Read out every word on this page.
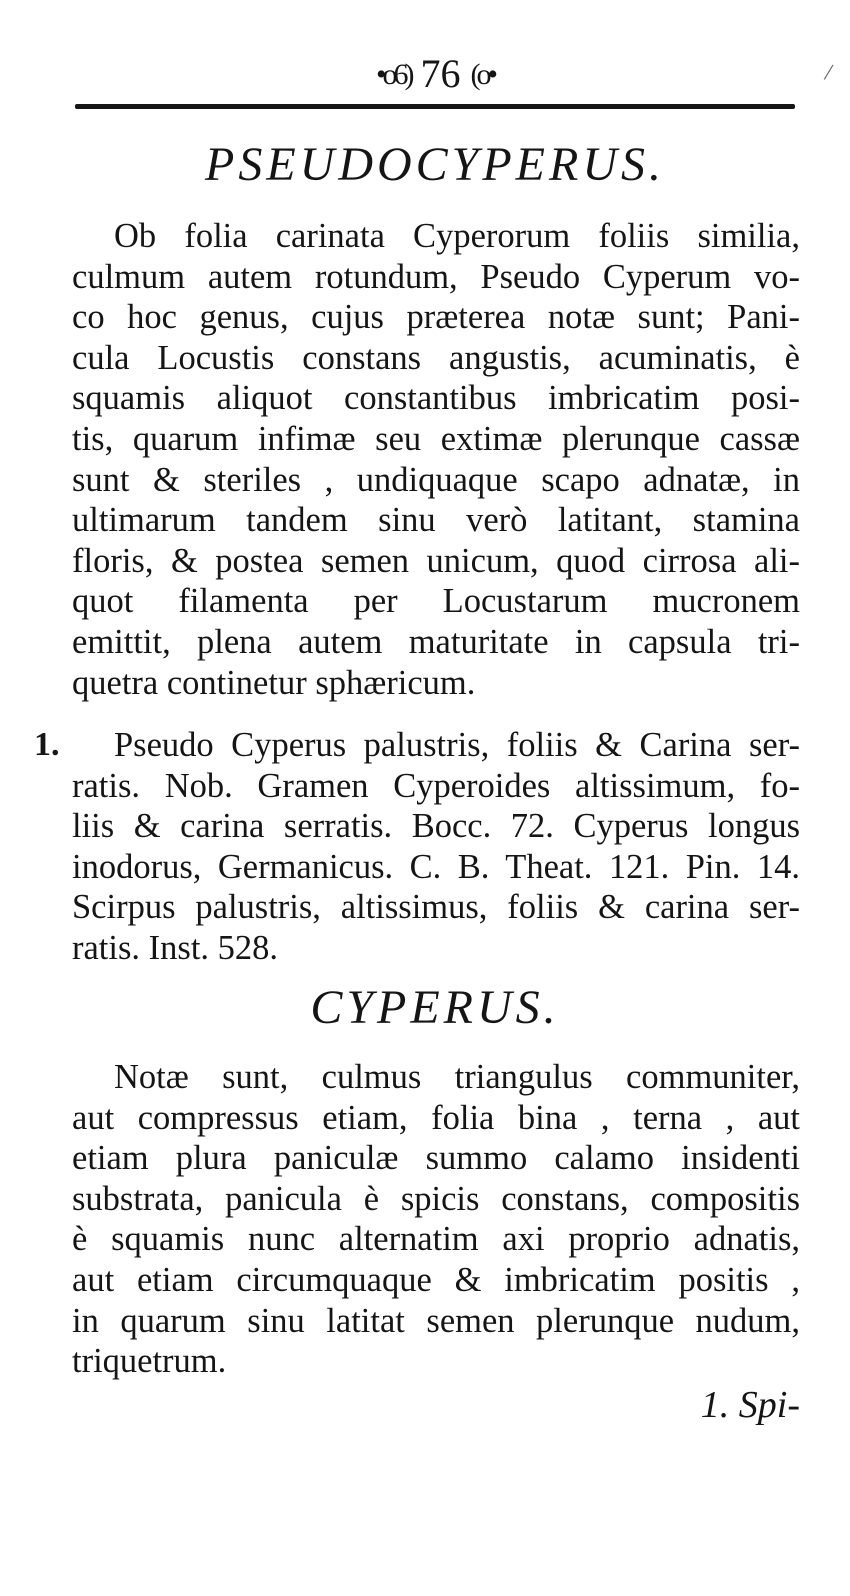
•o6) 76 (o•	/
PSEUDOCYPERUS.
Ob folia carinata Cyperorum foliis similia,
culmum autem rotundum, Pseudo Cyperum vo-
co hoc genus, cujus præterea notæ sunt; Pani-
cula Locustis constans angustis, acuminatis, è
squamis aliquot constantibus imbricatim posi-
tis, quarum infimæ seu extimæ plerunque cassæ
sunt & steriles , undiquaque scapo adnatæ, in
ultimarum tandem sinu verò latitant, stamina
floris, & postea semen unicum, quod cirrosa ali-
quot filamenta per Locustarum mucronem
emittit, plena autem maturitate in capsula tri-
quetra continetur sphæricum.
1.	Pseudo Cyperus palustris, foliis & Carina ser-
ratis. Nob. Gramen Cyperoides altissimum, fo-
liis & carina serratis. Bocc. 72. Cyperus longus
inodorus, Germanicus. C. B. Theat. 121. Pin. 14.
Scirpus palustris, altissimus, foliis & carina ser-
ratis. Inst. 528.
CYPERUS.
Notæ sunt, culmus triangulus communiter,
aut compressus etiam, folia bina , terna , aut
etiam plura paniculæ summo calamo insidenti
substrata, panicula è spicis constans, compositis
è squamis nunc alternatim axi proprio adnatis,
aut etiam circumquaque & imbricatim positis ,
in quarum sinu latitat semen plerunque nudum,
triquetrum.
1. Spi-
